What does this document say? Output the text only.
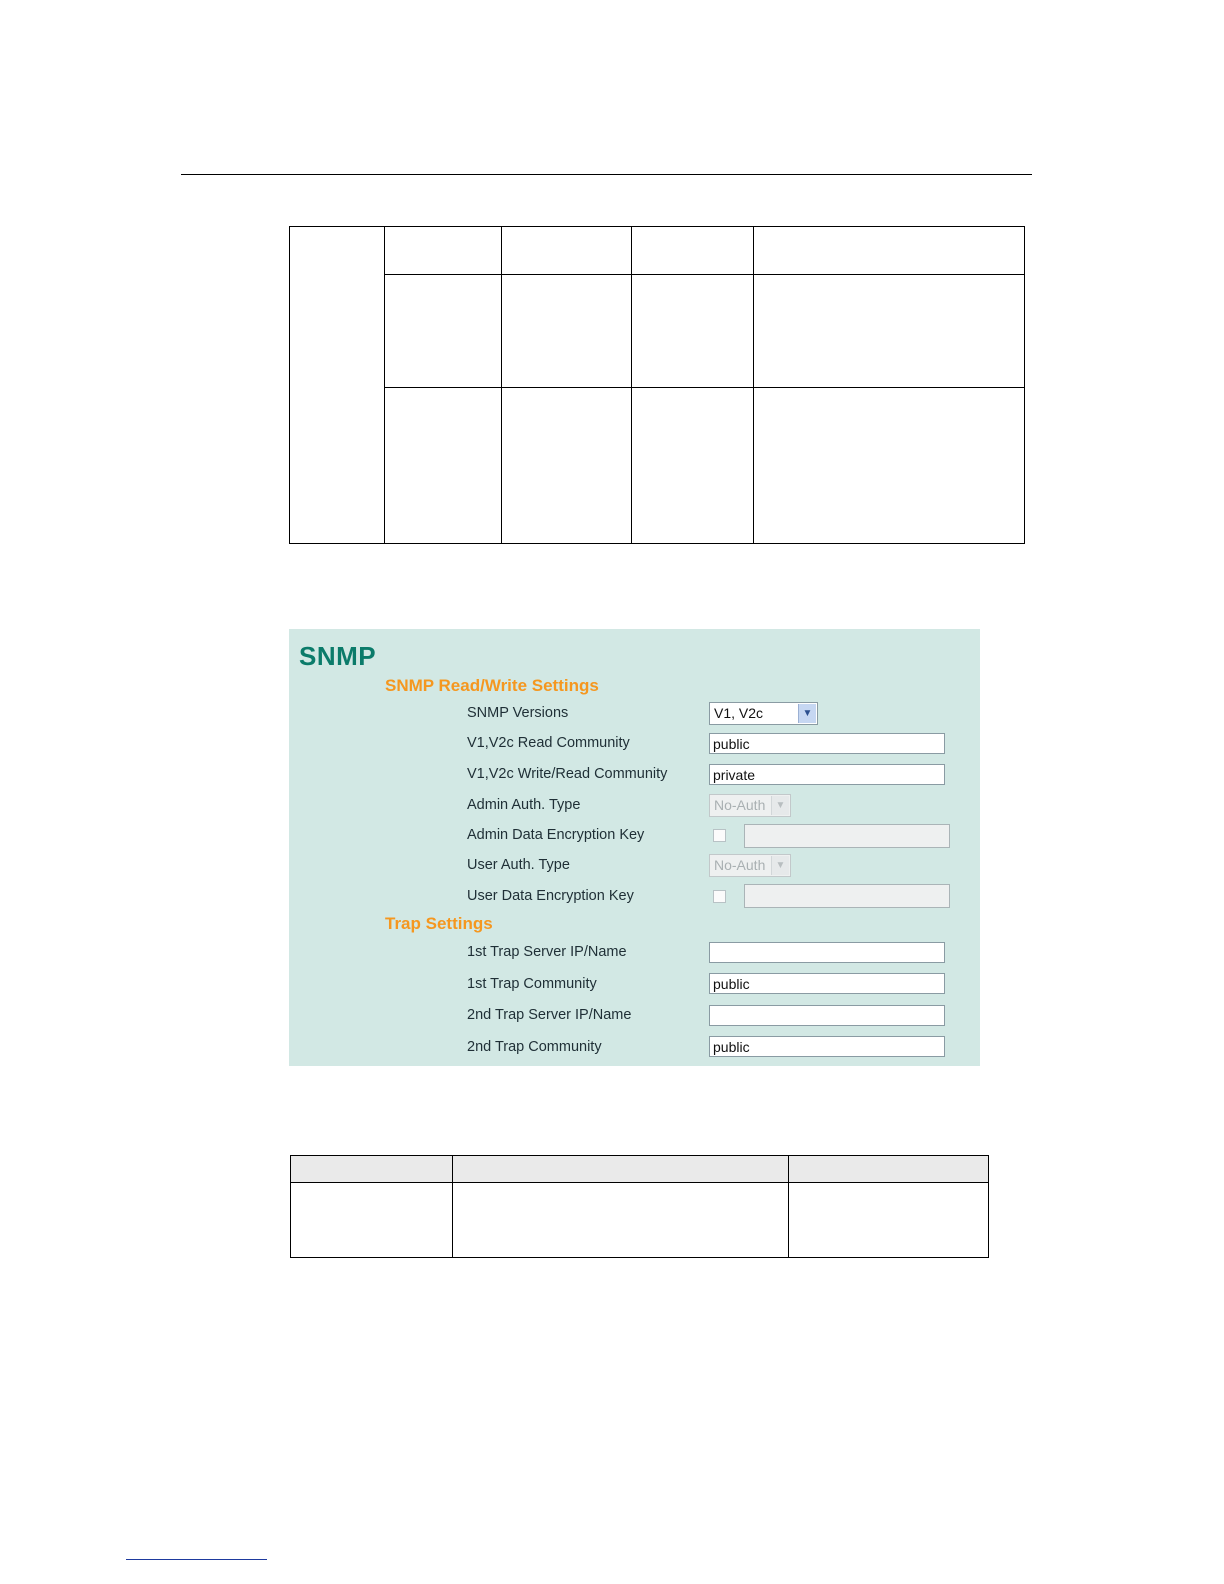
SNMP
SNMP Read/Write Settings
SNMP Versions	V1, V2c	▼
V1,V2c Read Community	public
V1,V2c Write/Read Community	private
Admin Auth. Type	No-Auth	▼
Admin Data Encryption Key
User Auth. Type	No-Auth	▼
User Data Encryption Key
Trap Settings
1st Trap Server IP/Name
1st Trap Community	public
2nd Trap Server IP/Name
2nd Trap Community	public
